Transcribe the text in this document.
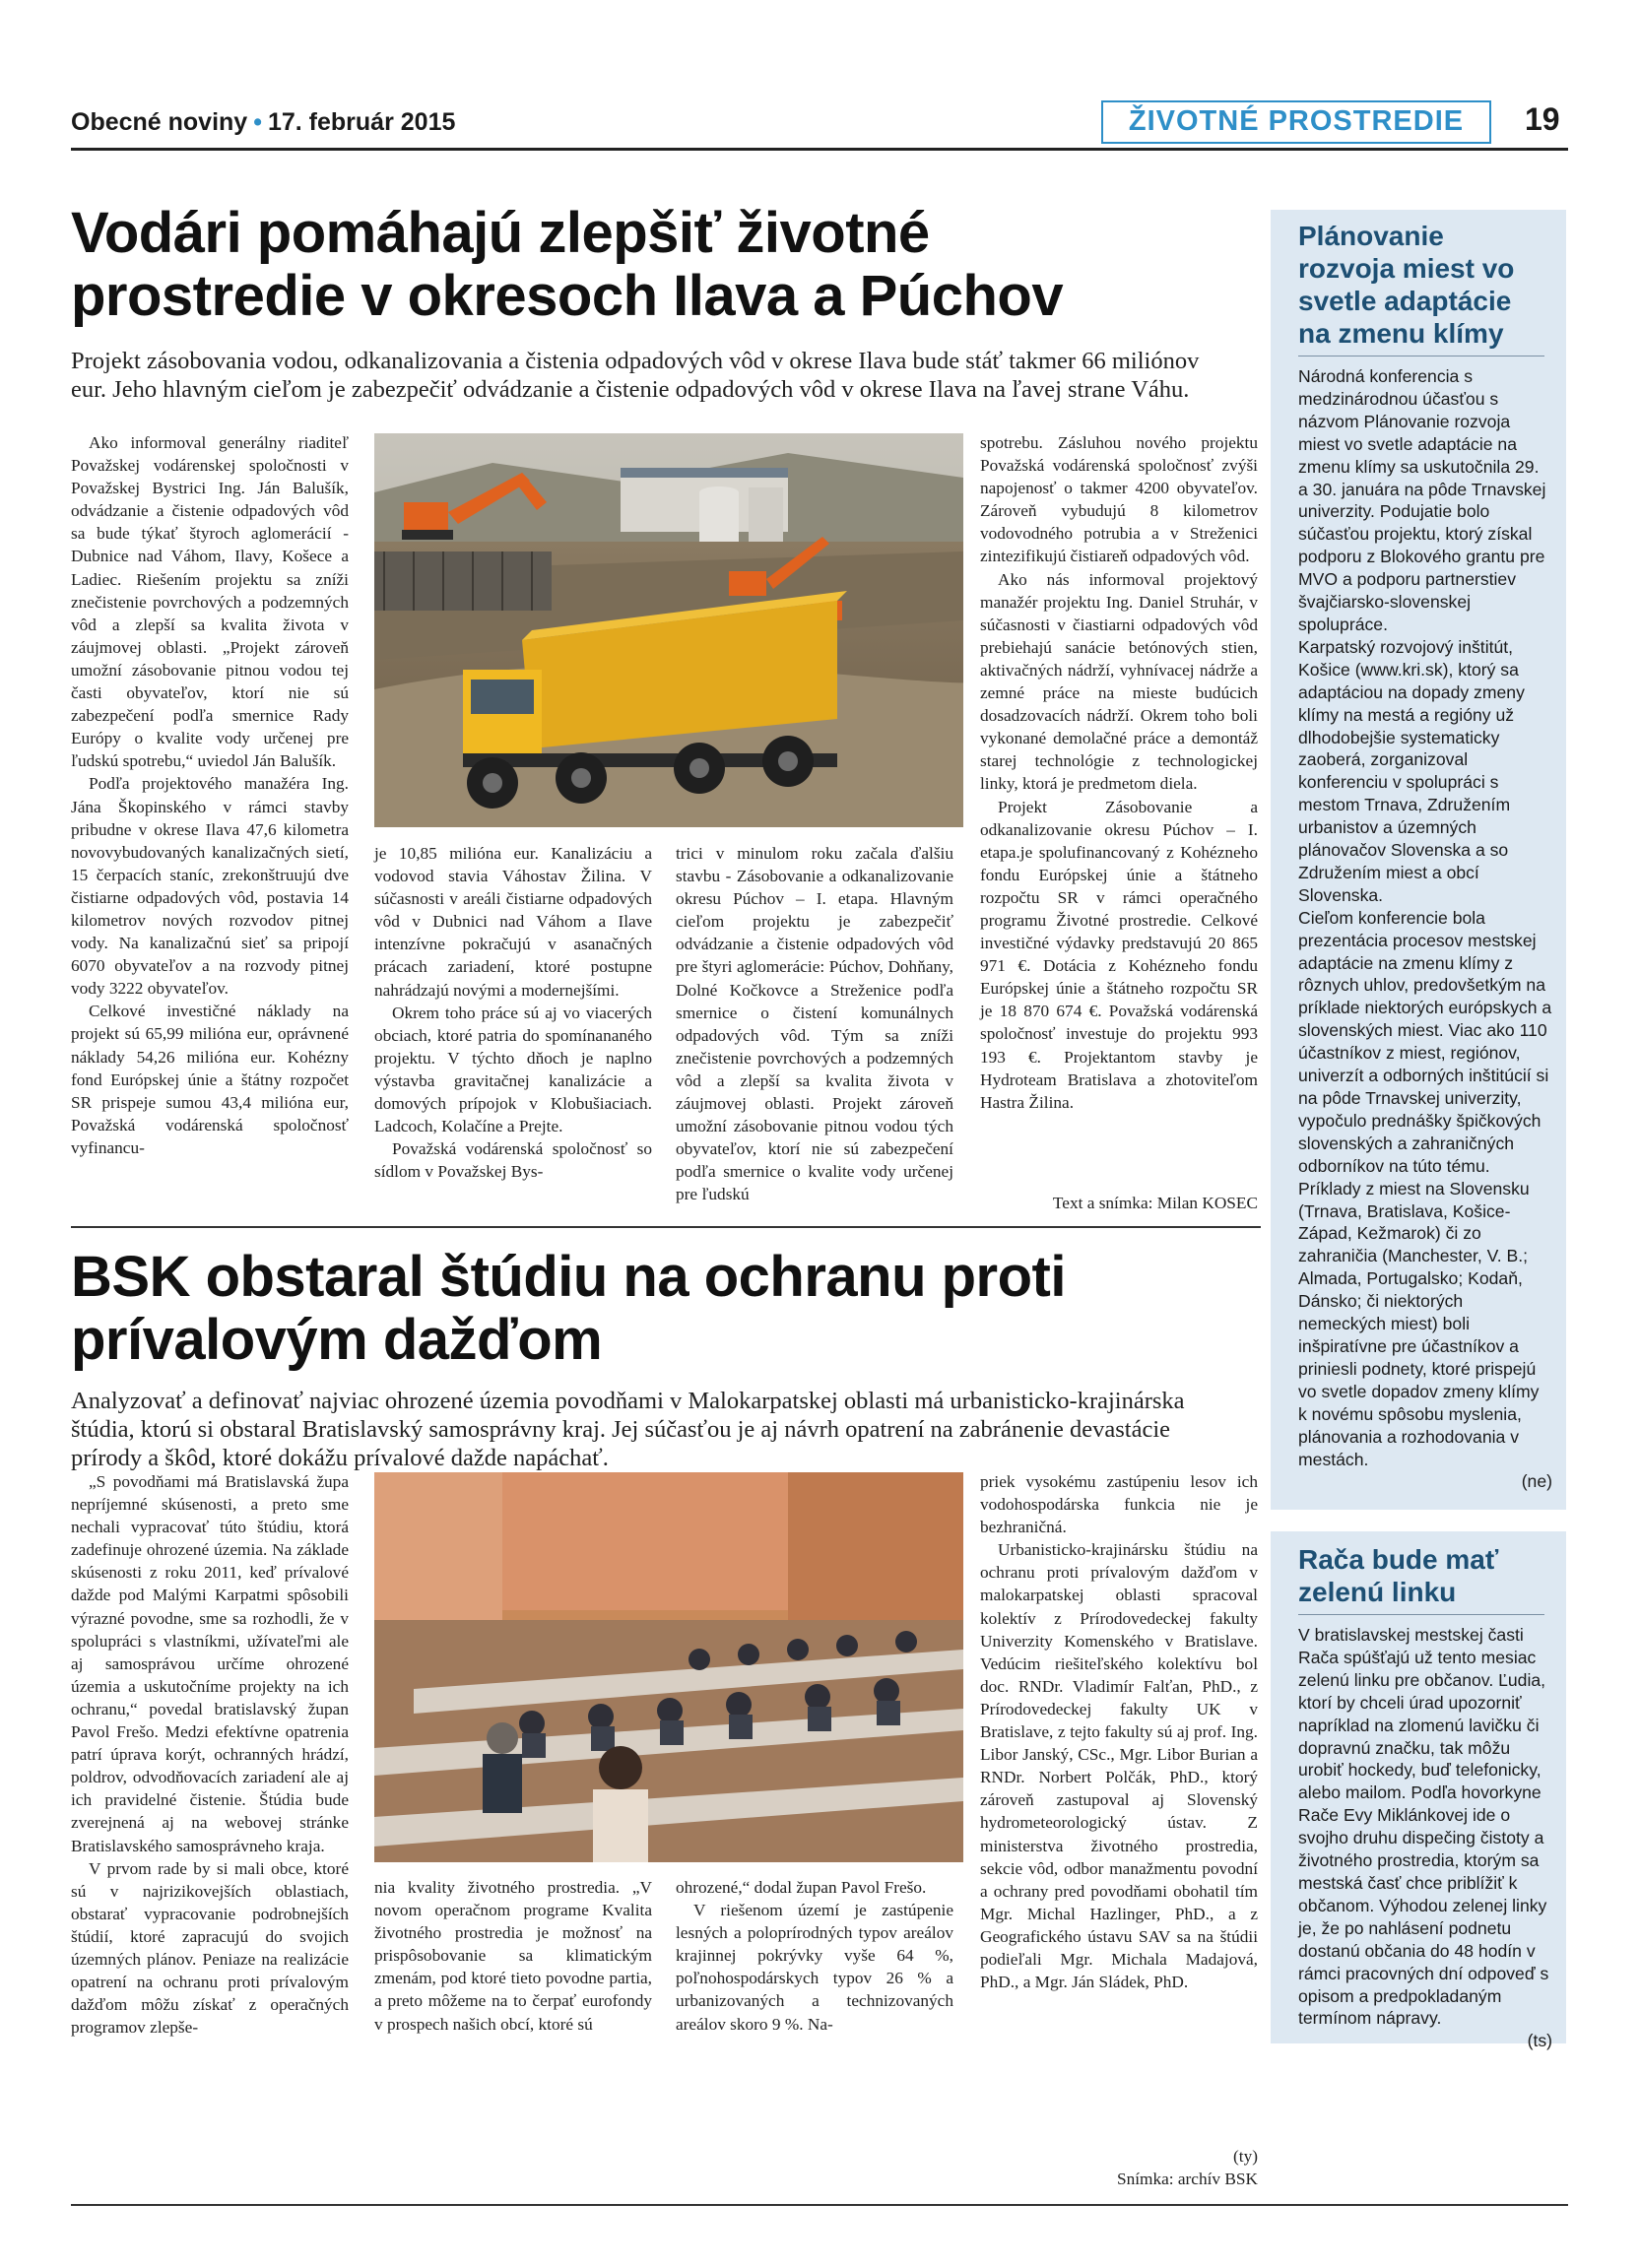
Obecné noviny • 17. február 2015	ŽIVOTNÉ PROSTREDIE	19
Vodári pomáhajú zlepšiť životné
prostredie v okresoch Ilava a Púchov
Projekt zásobovania vodou, odkanalizovania a čistenia odpadových vôd v okrese Ilava bude stáť takmer 66 miliónov eur. Jeho hlavným cieľom je zabezpečiť odvádzanie a čistenie odpadových vôd v okrese Ilava na ľavej strane Váhu.

Ako informoval generálny riaditeľ Považskej vodárenskej spoločnosti v Považskej Bystrici Ing. Ján Balušík, odvádzanie a čistenie odpadových vôd sa bude týkať štyroch aglomerácií - Dubnice nad Váhom, Ilavy, Košece a Ladiec. Riešením projektu sa zníži znečistenie povrchových a podzemných vôd a zlepší sa kvalita života v záujmovej oblasti. „Projekt zároveň umožní zásobovanie pitnou vodou tej časti obyvateľov, ktorí nie sú zabezpečení podľa smernice Rady Európy o kvalite vody určenej pre ľudskú spotrebu,“ uviedol Ján Balušík.

Podľa projektového manažéra Ing. Jána Škopinského v rámci stavby pribudne v okrese Ilava 47,6 kilometra novovybudovaných kanalizačných sietí, 15 čerpacích staníc, zrekonštruujú dve čistiarne odpadových vôd, postavia 14 kilometrov nových rozvodov pitnej vody. Na kanalizačnú sieť sa pripojí 6070 obyvateľov a na rozvody pitnej vody 3222 obyvateľov.

Celkové investičné náklady na projekt sú 65,99 milióna eur, oprávnené náklady 54,26 milióna eur. Kohézny fond Európskej únie a štátny rozpočet SR prispeje sumou 43,4 milióna eur, Považská vodárenská spoločnosť vyfinancu-

je 10,85 milióna eur. Kanalizáciu a vodovod stavia Váhostav Žilina. V súčasnosti v areáli čistiarne odpadových vôd v Dubnici nad Váhom a Ilave intenzívne pokračujú v asanačných prácach zariadení, ktoré postupne nahrádzajú novými a modernejšími.

Okrem toho práce sú aj vo viacerých obciach, ktoré patria do spomínananého projektu. V týchto dňoch je naplno výstavba gravitačnej kanalizácie a domových prípojok v Klobušiaciach. Ladcoch, Kolačíne a Prejte.

Považská vodárenská spoločnosť so sídlom v Považskej Bys-

trici v minulom roku začala ďalšiu stavbu - Zásobovanie a odkanalizovanie okresu Púchov – I. etapa. Hlavným cieľom projektu je zabezpečiť odvádzanie a čistenie odpadových vôd pre štyri aglomerácie: Púchov, Dohňany, Dolné Kočkovce a Streženice podľa smernice o čistení komunálnych odpadových vôd. Tým sa zníži znečistenie povrchových a podzemných vôd a zlepší sa kvalita života v záujmovej oblasti. Projekt zároveň umožní zásobovanie pitnou vodou tých obyvateľov, ktorí nie sú zabezpečení podľa smernice o kvalite vody určenej pre ľudskú

spotrebu. Zásluhou nového projektu Považská vodárenská spoločnosť zvýši napojenosť o takmer 4200 obyvateľov. Zároveň vybudujú 8 kilometrov vodovodného potrubia a v Streženici zintezifikujú čistiareň odpadových vôd.

Ako nás informoval projektový manažér projektu Ing. Daniel Struhár, v súčasnosti v čiastiarni odpadových vôd prebiehajú sanácie betónových stien, aktivačných nádrží, vyhnívacej nádrže a zemné práce na mieste budúcich dosadzovacích nádrží. Okrem toho boli vykonané demolačné práce a demontáž starej technológie z technologickej linky, ktorá je predmetom diela.

Projekt Zásobovanie a odkanalizovanie okresu Púchov – I. etapa.je spolufinancovaný z Kohézneho fondu Európskej únie a štátneho rozpočtu SR v rámci operačného programu Životné prostredie. Celkové investičné výdavky predstavujú 20 865 971 €. Dotácia z Kohézneho fondu Európskej únie a štátneho rozpočtu SR je 18 870 674 €. Považská vodárenská spoločnosť investuje do projektu 993 193 €. Projektantom stavby je Hydroteam Bratislava a zhotoviteľom Hastra Žilina.

Text a snímka: Milan KOSEC
BSK obstaral štúdiu na ochranu proti
prívalovým dažďom
Analyzovať a definovať najviac ohrozené územia povodňami v Malokarpatskej oblasti má urbanisticko-krajinárska štúdia, ktorú si obstaral Bratislavský samosprávny kraj. Jej súčasťou je aj návrh opatrení na zabránenie devastácie prírody a škôd, ktoré dokážu prívalové dažde napáchať.

„S povodňami má Bratislavská župa nepríjemné skúsenosti, a preto sme nechali vypracovať túto štúdiu, ktorá zadefinuje ohrozené územia. Na základe skúsenosti z roku 2011, keď prívalové dažde pod Malými Karpatmi spôsobili výrazné povodne, sme sa rozhodli, že v spolupráci s vlastníkmi, užívateľmi ale aj samosprávou určíme ohrozené územia a uskutočníme projekty na ich ochranu,“ povedal bratislavský župan Pavol Frešo. Medzi efektívne opatrenia patrí úprava korýt, ochranných hrádzí, poldrov, odvodňovacích zariadení ale aj ich pravidelné čistenie. Štúdia bude zverejnená aj na webovej stránke Bratislavského samosprávneho kraja.

V prvom rade by si mali obce, ktoré sú v najrizikovejších oblastiach, obstarať vypracovanie podrobnejších štúdií, ktoré zapracujú do svojich územných plánov. Peniaze na realizácie opatrení na ochranu proti prívalovým dažďom môžu získať z operačných programov zlepše-

nia kvality životného prostredia. „V novom operačnom programe Kvalita životného prostredia je možnosť na prispôsobovanie sa klimatickým zmenám, pod ktoré tieto povodne partia, a preto môžeme na to čerpať eurofondy v prospech našich obcí, ktoré sú

ohrozené,“ dodal župan Pavol Frešo.

V riešenom území je zastúpenie lesných a poloprírodných typov areálov krajinnej pokrývky vyše 64 %, poľnohospodárskych typov 26 % a urbanizovaných a technizovaných areálov skoro 9 %. Na-

priek vysokému zastúpeniu lesov ich vodohospodárska funkcia nie je bezhraničná.

Urbanisticko-krajinársku štúdiu na ochranu proti prívalovým dažďom v malokarpatskej oblasti spracoval kolektív z Prírodovedeckej fakulty Univerzity Komenského v Bratislave. Vedúcim riešiteľského kolektívu bol doc. RNDr. Vladimír Falťan, PhD., z Prírodovedeckej fakulty UK v Bratislave, z tejto fakulty sú aj prof. Ing. Libor Janský, CSc., Mgr. Libor Burian a RNDr. Norbert Polčák, PhD., ktorý zároveň zastupoval aj Slovenský hydrometeorologický ústav. Z ministerstva životného prostredia, sekcie vôd, odbor manažmentu povodní a ochrany pred povodňami obohatil tím Mgr. Michal Hazlinger, PhD., a z Geografického ústavu SAV sa na štúdii podieľali Mgr. Michala Madajová, PhD., a Mgr. Ján Sládek, PhD.

(ty)
Snímka: archív BSK
Plánovanie rozvoja miest vo svetle adaptácie na zmenu klímy

Národná konferencia s medzinárodnou účasťou s názvom Plánovanie rozvoja miest vo svetle adaptácie na zmenu klímy sa uskutočnila 29. a 30. januára na pôde Trnavskej univerzity. Podujatie bolo súčasťou projektu, ktorý získal podporu z Blokového grantu pre MVO a podporu partnerstiev švajčiarsko-slovenskej spolupráce.

Karpatský rozvojový inštitút, Košice (www.kri.sk), ktorý sa adaptáciou na dopady zmeny klímy na mestá a regióny už dlhodobejšie systematicky zaoberá, zorganizoval konferenciu v spolupráci s mestom Trnava, Združením urbanistov a územných plánovačov Slovenska a so Združením miest a obcí Slovenska.

Cieľom konferencie bola prezentácia procesov mestskej adaptácie na zmenu klímy z rôznych uhlov, predovšetkým na príklade niektorých európskych a slovenských miest. Viac ako 110 účastníkov z miest, regiónov, univerzít a odborných inštitúcií si na pôde Trnavskej univerzity, vypočulo prednášky špičkových slovenských a zahraničných odborníkov na túto tému. Príklady z miest na Slovensku (Trnava, Bratislava, Košice-Západ, Kežmarok) či zo zahraničia (Manchester, V. B.; Almada, Portugalsko; Kodaň, Dánsko; či niektorých nemeckých miest) boli inšpiratívne pre účastníkov a priniesli podnety, ktoré prispejú vo svetle dopadov zmeny klímy k novému spôsobu myslenia, plánovania a rozhodovania v mestách.

(ne)

Rača bude mať zelenú linku

V bratislavskej mestskej časti Rača spúšťajú už tento mesiac zelenú linku pre občanov. Ľudia, ktorí by chceli úrad upozorniť napríklad na zlomenú lavičku či dopravnú značku, tak môžu urobiť hockedy, buď telefonicky, alebo mailom. Podľa hovorkyne Rače Evy Miklánkovej ide o svojho druhu dispečing čistoty a životného prostredia, ktorým sa mestská časť chce priblížiť k občanom. Výhodou zelenej linky je, že po nahlásení podnetu dostanú občania do 48 hodín v rámci pracovných dní odpoveď s opisom a predpokladaným termínom nápravy.

(ts)
